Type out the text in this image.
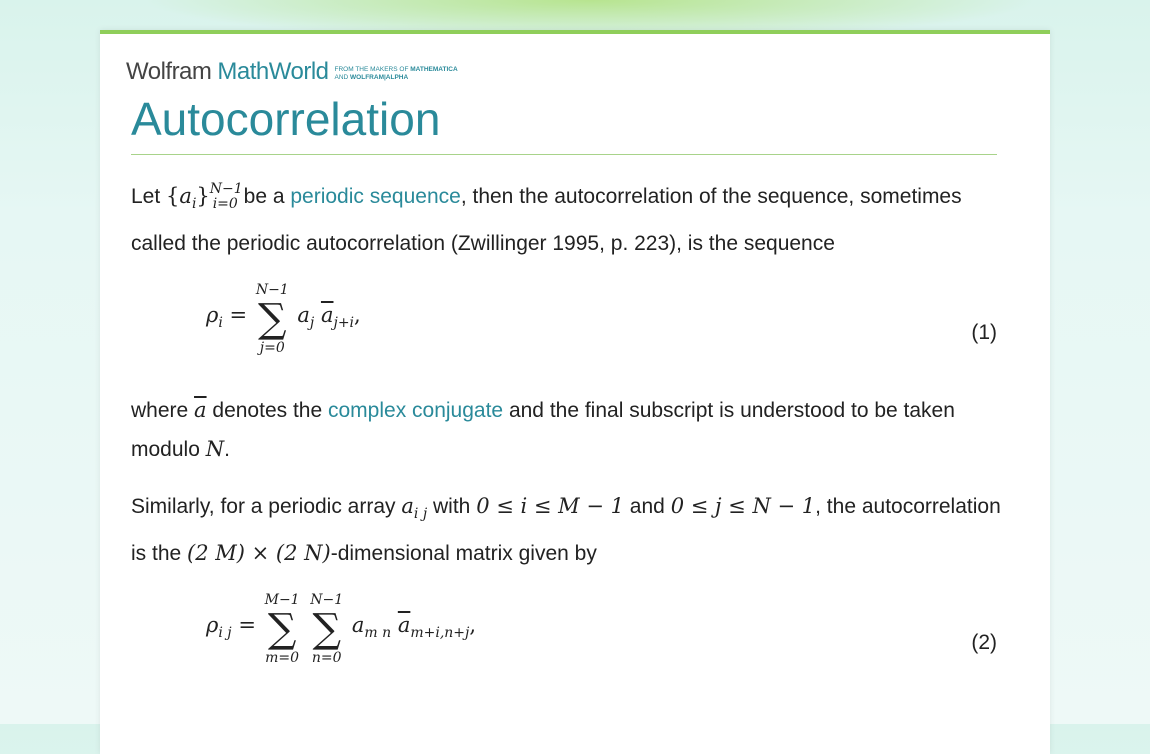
Wolfram MathWorld FROM THE MAKERS OF MATHEMATICA
AND WOLFRAM|ALPHA
Autocorrelation

Let $\{a_i\}^{N-1}_{i=0}$ be a periodic sequence, then the autocorrelation of the sequence, sometimes called the periodic autocorrelation (Zwillinger 1995, p. 223), is the sequence

$\rho_i$ =
N−1
∑
j=0
$a_j$ $\overline{a}_{j+i}$,
(1)

where $\overline{a}$ denotes the complex conjugate and the final subscript is understood to be taken modulo N.

Similarly, for a periodic array $a_{i j}$ with 0 ≤ i ≤ M − 1 and 0 ≤ j ≤ N − 1, the autocorrelation is the (2 M) × (2 N)-dimensional matrix given by

$\rho_{i j}$ =
M−1
∑
m=0

N−1
∑
n=0
$a_{m n}$ $\overline{a}_{m+i,n+j}$,
(2)
